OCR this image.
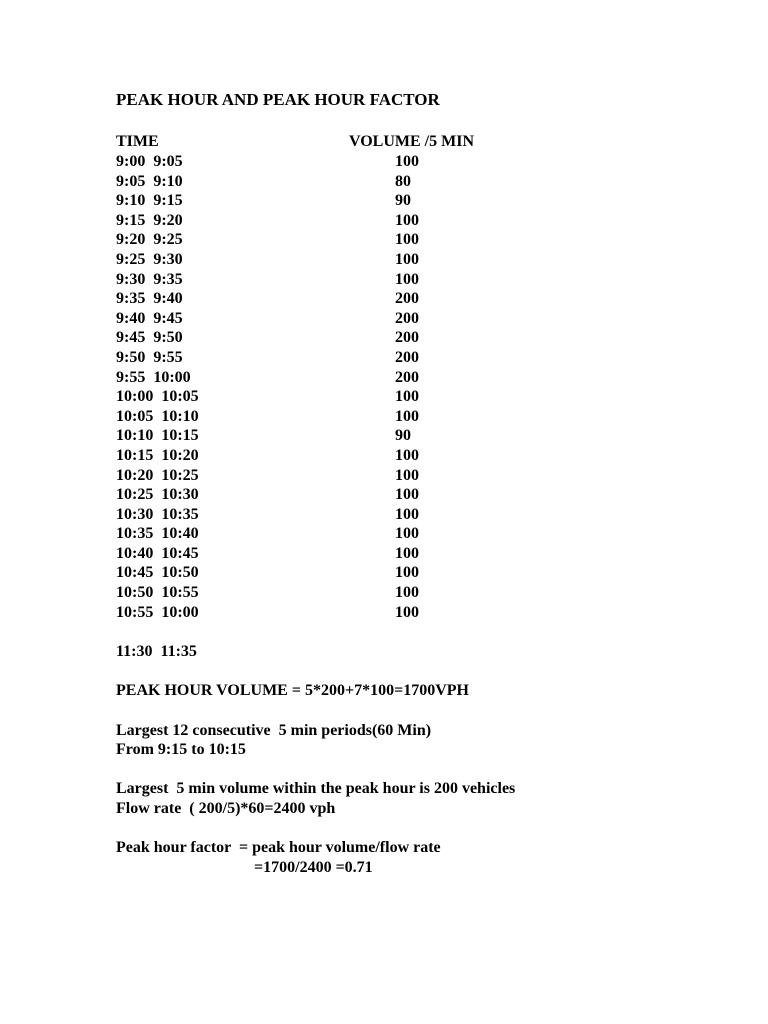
PEAK HOUR AND PEAK HOUR FACTOR
TIME	VOLUME /5 MIN
9:00  9:05	100
9:05  9:10	80
9:10  9:15	90
9:15  9:20	100
9:20  9:25	100
9:25  9:30	100
9:30  9:35	100
9:35  9:40	200
9:40  9:45	200
9:45  9:50	200
9:50  9:55	200
9:55  10:00	200
10:00  10:05	100
10:05  10:10	100
10:10  10:15	90
10:15  10:20	100
10:20  10:25	100
10:25  10:30	100
10:30  10:35	100
10:35  10:40	100
10:40  10:45	100
10:45  10:50	100
10:50  10:55	100
10:55  10:00	100
11:30  11:35
PEAK HOUR VOLUME = 5*200+7*100=1700VPH
Largest 12 consecutive  5 min periods(60 Min)
From 9:15 to 10:15
Largest  5 min volume within the peak hour is 200 vehicles
Flow rate  ( 200/5)*60=2400 vph
Peak hour factor  = peak hour volume/flow rate
=1700/2400 =0.71
